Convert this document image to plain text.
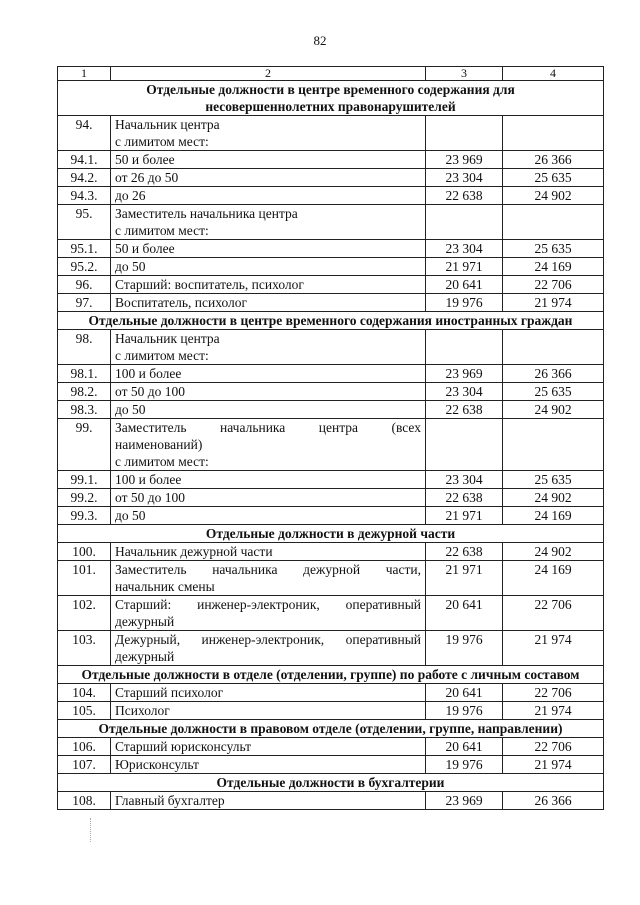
82
1	2	3	4

Отдельные должности в центре временного содержания для
несовершеннолетних правонарушителей			

94.	Начальник центра
с лимитом мест:		

94.1.	50 и более	23 969	26 366
94.2.	от 26 до 50	23 304	25 635
94.3.	до 26	22 638	24 902
95.	Заместитель начальника центра
с лимитом мест:		

95.1.	50 и более	23 304	25 635
95.2.	до 50	21 971	24 169
96.	Старший: воспитатель, психолог	20 641	22 706
97.	Воспитатель, психолог	19 976	21 974

Отдельные должности в центре временного содержания иностранных граждан			

98.	Начальник центра
с лимитом мест:		

98.1.	100 и более	23 969	26 366
98.2.	от 50 до 100	23 304	25 635
98.3.	до 50	22 638	24 902
99.	Заместитель начальника центра (всех
наименований)
с лимитом мест:		

99.1.	100 и более	23 304	25 635
99.2.	от 50 до 100	22 638	24 902
99.3.	до 50	21 971	24 169

Отдельные должности в дежурной части			

100.	Начальник дежурной части	22 638	24 902
101.	Заместитель начальника дежурной части,
начальник смены	21 971	24 169
102.	Старший: инженер-электроник, оперативный
дежурный	20 641	22 706
103.	Дежурный, инженер-электроник, оперативный
дежурный	19 976	21 974

Отдельные должности в отделе (отделении, группе) по работе с личным составом			

104.	Старший психолог	20 641	22 706
105.	Психолог	19 976	21 974

Отдельные должности в правовом отделе (отделении, группе, направлении)			

106.	Старший юрисконсульт	20 641	22 706
107.	Юрисконсульт	19 976	21 974

Отдельные должности в бухгалтерии			

108.	Главный бухгалтер	23 969	26 366
